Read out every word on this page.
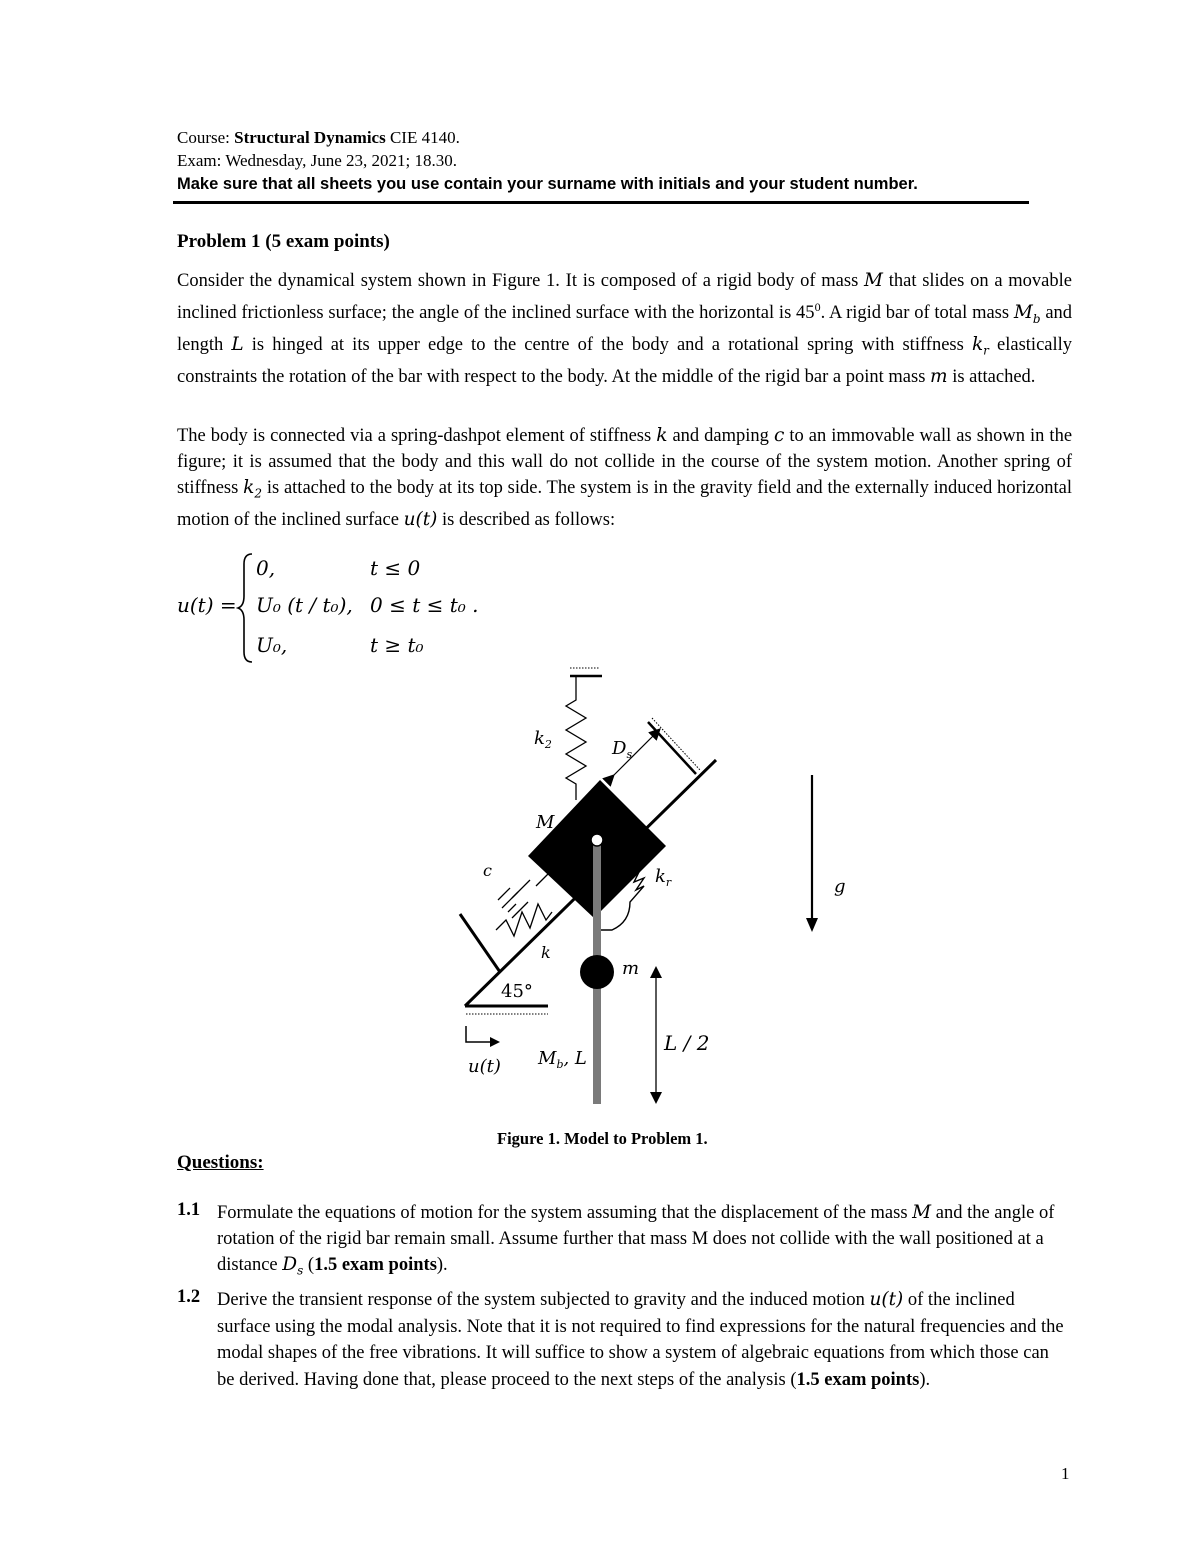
Course: Structural Dynamics CIE 4140.
Exam: Wednesday, June 23, 2021; 18.30.
Make sure that all sheets you use contain your surname with initials and your student number.
Problem 1 (5 exam points)
Consider the dynamical system shown in Figure 1. It is composed of a rigid body of mass M that slides on a movable inclined frictionless surface; the angle of the inclined surface with the horizontal is $45^0$. A rigid bar of total mass $M_b$ and length L is hinged at its upper edge to the centre of the body and a rotational spring with stiffness $k_r$ elastically constraints the rotation of the bar with respect to the body. At the middle of the rigid bar a point mass m is attached.
The body is connected via a spring-dashpot element of stiffness k and damping c to an immovable wall as shown in the figure; it is assumed that the body and this wall do not collide in the course of the system motion. Another spring of stiffness $k_2$ is attached to the body at its top side. The system is in the gravity field and the externally induced horizontal motion of the inclined surface u(t) is described as follows:
u(t) =
0,	t ≤ 0
U₀ (t / t₀), 0 ≤ t ≤ t₀ .
U₀,	t ≥ t₀
$k_2$	$D_s$
M
c	$k_r$
k
m
45°
u(t) $M_b$, L
L / 2
g
Figure 1. Model to Problem 1.
Questions:
1.1 Formulate the equations of motion for the system assuming that the displacement of the mass M and the angle of rotation of the rigid bar remain small. Assume further that mass M does not collide with the wall positioned at a distance $D_s$ (1.5 exam points).
1.2 Derive the transient response of the system subjected to gravity and the induced motion u(t) of the inclined surface using the modal analysis. Note that it is not required to find expressions for the natural frequencies and the modal shapes of the free vibrations. It will suffice to show a system of algebraic equations from which those can be derived. Having done that, please proceed to the next steps of the analysis (1.5 exam points).
1
